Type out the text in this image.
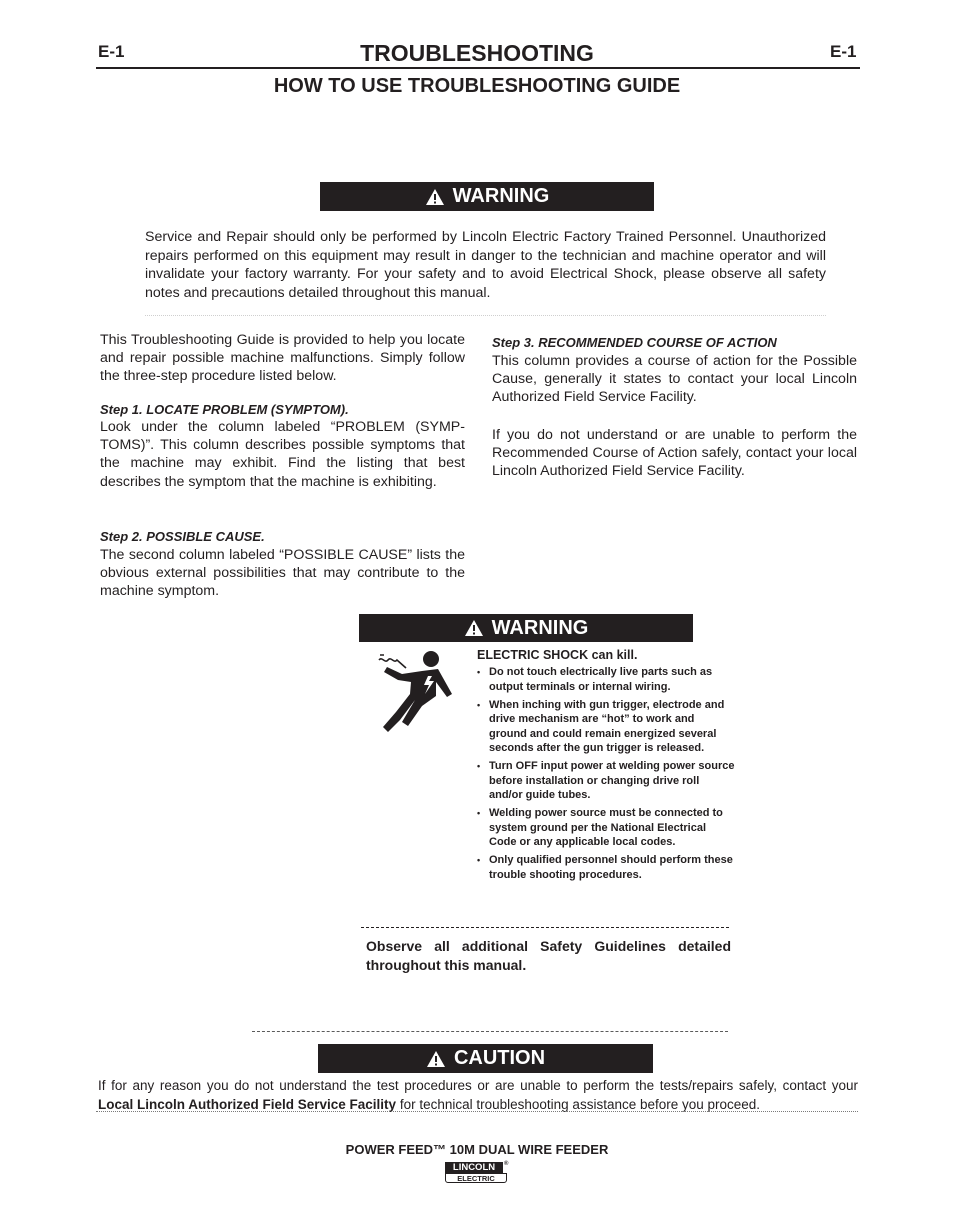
E-1	E-1
TROUBLESHOOTING
HOW TO USE TROUBLESHOOTING GUIDE
WARNING
Service and Repair should only be performed by Lincoln Electric Factory Trained Personnel. Unauthorized repairs performed on this equipment may result in danger to the technician and machine operator and will invalidate your factory warranty. For your safety and to avoid Electrical Shock, please observe all safety notes and precautions detailed throughout this manual.
This Troubleshooting Guide is provided to help you locate and repair possible machine malfunctions. Simply follow the three-step procedure listed below.
Step 1. LOCATE PROBLEM (SYMPTOM).
Look under the column labeled “PROBLEM (SYMP-TOMS)”. This column describes possible symptoms that the machine may exhibit. Find the listing that best describes the symptom that the machine is exhibiting.
Step 2. POSSIBLE CAUSE.
The second column labeled “POSSIBLE CAUSE” lists the obvious external possibilities that may contribute to the machine symptom.
Step 3. RECOMMENDED COURSE OF ACTION
This column provides a course of action for the Possible Cause, generally it states to contact your local Lincoln Authorized Field Service Facility.
If you do not understand or are unable to perform the Recommended Course of Action safely, contact your local Lincoln Authorized Field Service Facility.
WARNING
ELECTRIC SHOCK can kill.
• Do not touch electrically live parts such as output terminals or internal wiring.
• When inching with gun trigger, electrode and drive mechanism are “hot” to work and ground and could remain energized several seconds after the gun trigger is released.
• Turn OFF input power at welding power source before installation or changing drive roll and/or guide tubes.
• Welding power source must be connected to system ground per the National Electrical Code or any applicable local codes.
• Only qualified personnel should perform these trouble shooting procedures.
Observe all additional Safety Guidelines detailed throughout this manual.
CAUTION
If for any reason you do not understand the test procedures or are unable to perform the tests/repairs safely, contact your Local Lincoln Authorized Field Service Facility for technical troubleshooting assistance before you proceed.
POWER FEED™ 10M DUAL WIRE FEEDER
LINCOLN	®
ELECTRIC
